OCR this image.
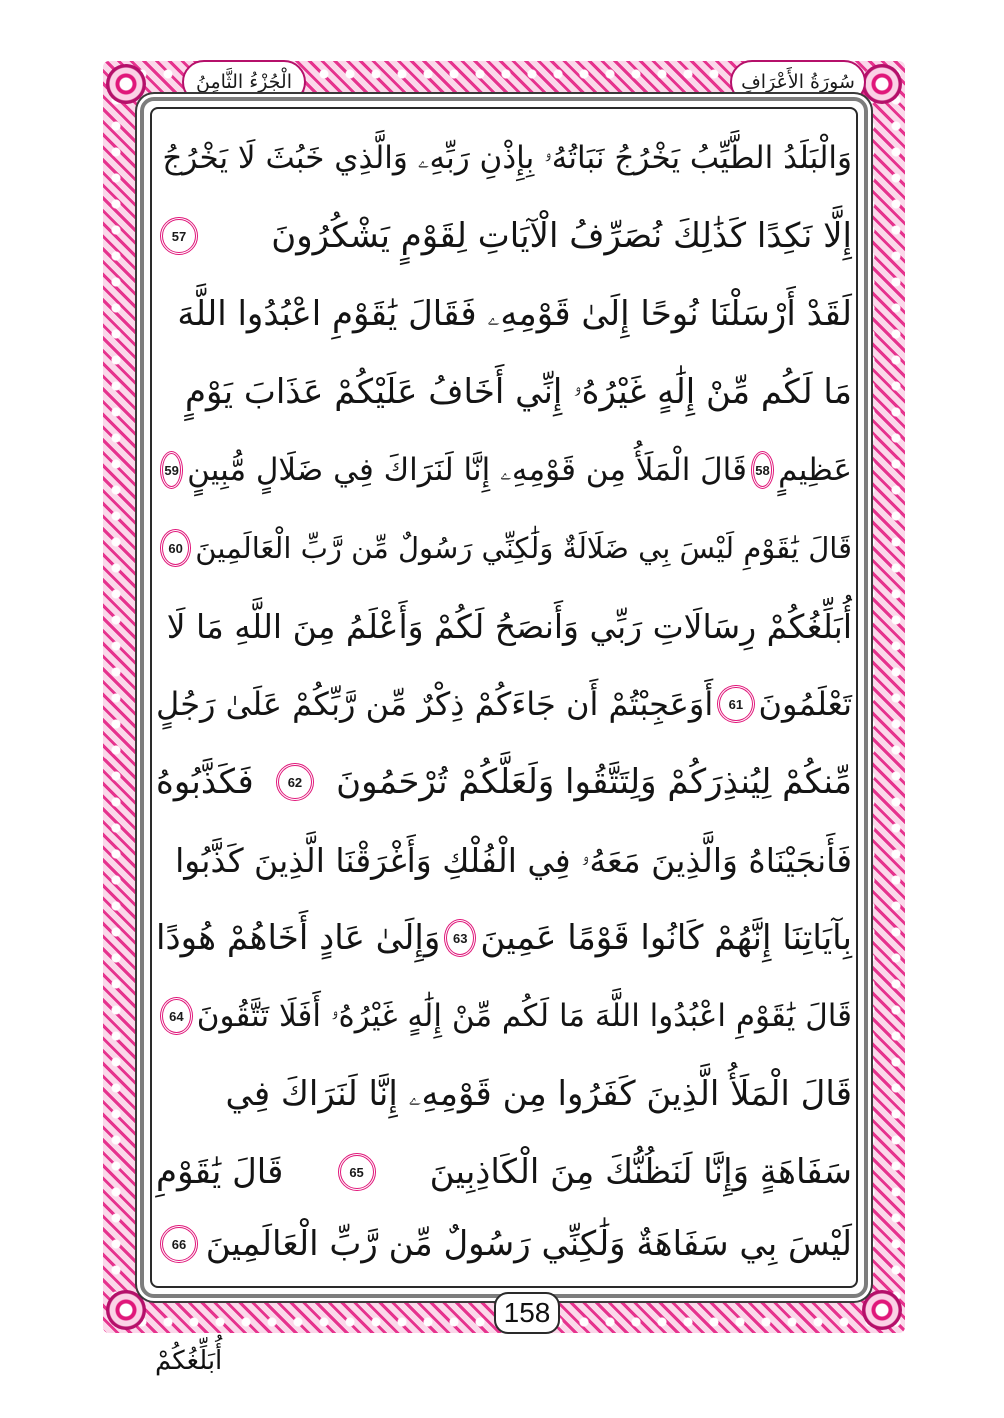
الْجُزْءُ الثَّامِنُ	سُورَةُ الأَعْرَافِ
وَالْبَلَدُ الطَّيِّبُ يَخْرُجُ نَبَاتُهُۥ بِإِذْنِ رَبِّهِۦ وَالَّذِي خَبُثَ لَا يَخْرُجُ
إِلَّا نَكِدًا كَذَٰلِكَ نُصَرِّفُ الْآيَاتِ لِقَوْمٍ يَشْكُرُونَ
57
لَقَدْ أَرْسَلْنَا نُوحًا إِلَىٰ قَوْمِهِۦ فَقَالَ يَٰقَوْمِ اعْبُدُوا اللَّهَ
مَا لَكُم مِّنْ إِلَٰهٍ غَيْرُهُۥ إِنِّي أَخَافُ عَلَيْكُمْ عَذَابَ يَوْمٍ
عَظِيمٍ
58
قَالَ الْمَلَأُ مِن قَوْمِهِۦ إِنَّا لَنَرَاكَ فِي ضَلَالٍ مُّبِينٍ
59
قَالَ يَٰقَوْمِ لَيْسَ بِي ضَلَالَةٌ وَلَٰكِنِّي رَسُولٌ مِّن رَّبِّ الْعَالَمِينَ
60
أُبَلِّغُكُمْ رِسَالَاتِ رَبِّي وَأَنصَحُ لَكُمْ وَأَعْلَمُ مِنَ اللَّهِ مَا لَا
تَعْلَمُونَ
61
أَوَعَجِبْتُمْ أَن جَاءَكُمْ ذِكْرٌ مِّن رَّبِّكُمْ عَلَىٰ رَجُلٍ
مِّنكُمْ لِيُنذِرَكُمْ وَلِتَتَّقُوا وَلَعَلَّكُمْ تُرْحَمُونَ
62
فَكَذَّبُوهُ
فَأَنجَيْنَاهُ وَالَّذِينَ مَعَهُۥ فِي الْفُلْكِ وَأَغْرَقْنَا الَّذِينَ كَذَّبُوا
بِآيَاتِنَا إِنَّهُمْ كَانُوا قَوْمًا عَمِينَ
63
وَإِلَىٰ عَادٍ أَخَاهُمْ هُودًا
قَالَ يَٰقَوْمِ اعْبُدُوا اللَّهَ مَا لَكُم مِّنْ إِلَٰهٍ غَيْرُهُۥ أَفَلَا تَتَّقُونَ
64
قَالَ الْمَلَأُ الَّذِينَ كَفَرُوا مِن قَوْمِهِۦ إِنَّا لَنَرَاكَ فِي
سَفَاهَةٍ وَإِنَّا لَنَظُنُّكَ مِنَ الْكَاذِبِينَ
65
قَالَ يَٰقَوْمِ
لَيْسَ بِي سَفَاهَةٌ وَلَٰكِنِّي رَسُولٌ مِّن رَّبِّ الْعَالَمِينَ
66
158
أُبَلِّغُكُمْ
